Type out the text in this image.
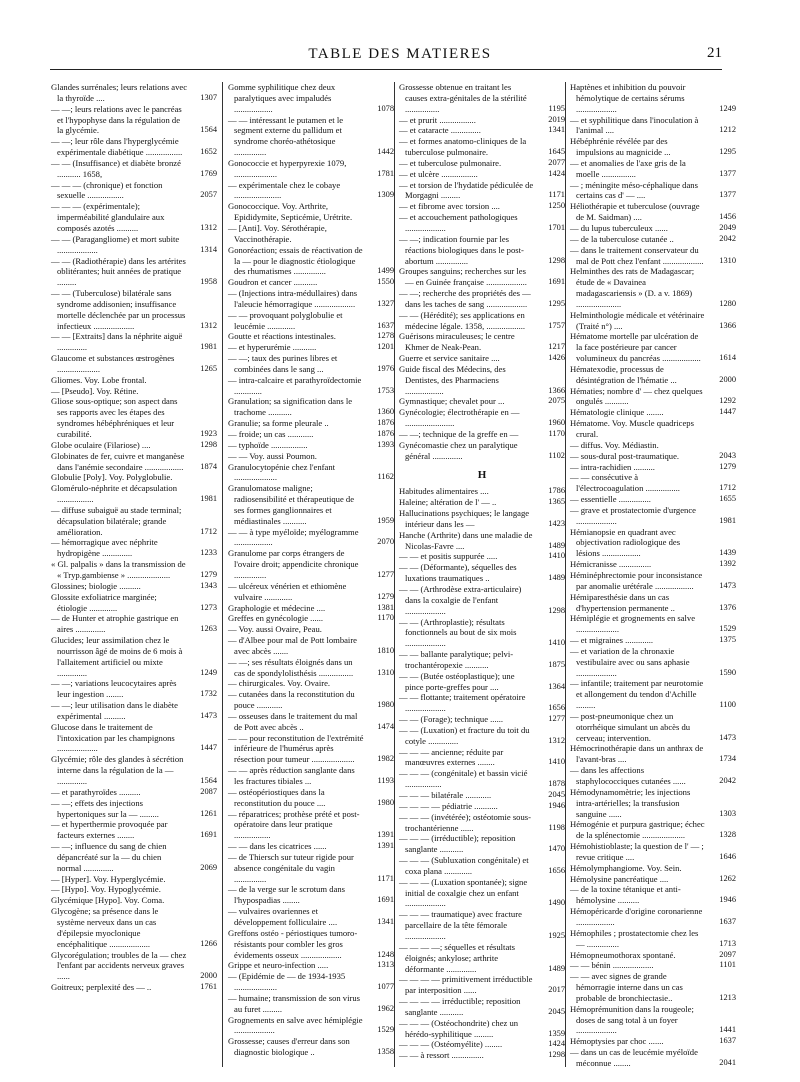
TABLE DES MATIERES	21
Glandes surrénales; leurs relations avec la thyroïde ....	1307
— —; leurs relations avec le pancréas et l'hypophyse dans la régulation de la glycémie.	1564
— —; leur rôle dans l'hyperglycémie expérimentale diabétique ................. 1652
— — (Insuffisance) et diabète bronzé ........... 1658,	1769
— — — (chronique) et fonction sexuelle .................	2057
— — — (expérimentale); imperméabilité glandulaire aux composés azotés ..........	1312
— — (Paragangliome) et mort subite ...................	1314
— — (Radiothérapie) dans les artérites oblitérantes; huit années de pratique .........	1958
— — (Tuberculose) bilatérale sans syndrome addisonien; insuffisance mortelle déclenchée par un processus infectieux ...................	1312
— — [Extraits] dans la néphrite aiguë ..............	1981
Glaucome et substances œstrogènes ....................	1265
Gliomes. Voy. Lobe frontal.
— [Pseudo]. Voy. Rétine.
Gliose sous-optique; son aspect dans ses rapports avec les étapes des syndromes hébéphréniques et leur curabilité.	1923
Globe oculaire (Filariose) ....	1298
Globinates de fer, cuivre et manganèse dans l'anémie secondaire .................. 1874
Globulie [Poly]. Voy. Polyglobulie.
Glomérulo-néphrite et décapsulation .................	1981
— diffuse subaiguë au stade terminal; décapsulation bilatérale; grande amélioration.	1712
— hémorragique avec néphrite hydropigène ..............	1233
« Gl. palpalis » dans la transmission de « Tryp.gambiense » ....................	1279
Glossines; biologie ..........	1343
Glossite exfoliatrice marginée; étiologie .............	1273
— de Hunter et atrophie gastrique en aires ..............	1263
Glucides; leur assimilation chez le nourrisson âgé de moins de 6 mois à l'allaitement artificiel ou mixte ..............	1249
— —; variations leucocytaires après leur ingestion ........	1732
— —; leur utilisation dans le diabète expérimental ..........	1473
Glucose dans le traitement de l'intoxication par les champignons ...................	1447
Glycémie; rôle des glandes à sécrétion interne dans la régulation de la — ..............	1564
— et parathyroïdes ..........	2087
— —; effets des injections hypertoniques sur la — .........	1261
— et hyperthermie provoquée par facteurs externes ........	1691
— —; influence du sang de chien dépancréaté sur la — du chien normal ..............	2069
— [Hyper]. Voy. Hyperglycémie.
— [Hypo]. Voy. Hypoglycémie.
Glycémique [Hypo]. Voy. Coma.
Glycogène; sa présence dans le système nerveux dans un cas d'épilepsie myoclonique encéphalitique ...................	1266
Glycorégulation; troubles de la — chez l'enfant par accidents nerveux graves ......	2000
Goitreux; perplexité des — ..	1761
Gomme syphilitique chez deux paralytiques avec impaludés ..................	1078
— — intéressant le putamen et le segment externe du pallidum et syndrome choréo-athétosique ...............	1442
Gonococcie et hyperpyrexie 1079, ....................	1781
— expérimentale chez le cobaye ......................	1309
Gonococcique. Voy. Arthrite, Epididymite, Septicémie, Urétrite.
— [Anti]. Voy. Sérothérapie, Vaccinothérapie.
Gonoréaction; essais de réactivation de la — pour le diagnostic étiologique des rhumatismes ...............	1499
Goudron et cancer ...........	1550
— (Injections intra-médullaires) dans l'aleucie hémorragique ...................	1327
— — provoquant polyglobulie et leucémie .............	1637
Goutte et réactions intestinales.	1278
— et hyperurémie ...........	1201
— —; taux des purines libres et combinées dans le sang ...	1976
— intra-calcaire et parathyroïdectomie .............	1753
Granulation; sa signification dans le trachome ...........	1360
Granulie; sa forme pleurale ..	1876
— froide; un cas ............	1876
— typhoïde .................	1393
— — Voy. aussi Poumon.
Granulocytopénie chez l'enfant ....................	1162
Granulomatose maligne; radiosensibilité et thérapeutique de ses formes ganglionnaires et médiastinales ...........	1959
— — à type myéloïde; myélogramme ..................	2070
Granulome par corps étrangers de l'ovaire droit; appendicite chronique ...............	1277
— ulcéreux vénérien et ethiomène vulvaire .............	1279
Graphologie et médecine ....	1381
Greffes en gynécologie ......	1170
— Voy. aussi Ovaire, Peau.
— d'Albee pour mal de Pott lombaire avec abcès .......	1810
— —; ses résultats éloignés dans un cas de spondylolisthésis ................	1310
— chirurgicales. Voy. Ovaire.
— cutanées dans la reconstitution du pouce ............	1980
— osseuses dans le traitement du mal de Pott avec abcès ..	1474
— — pour reconstitution de l'extrémité inférieure de l'humérus après résection pour tumeur ....................	1982
— — après réduction sanglante dans les fractures tibiales ...	1193
— ostéopériostiques dans la reconstitution du pouce ....	1980
— réparatrices; prothèse prété et post-opératoire dans leur pratique .................	1391
— — dans les cicatrices ......	1391
— de Thiersch sur tuteur rigide pour absence congénitale du vagin ...............	1171
— de la verge sur le scrotum dans l'hypospadias ........	1691
— vulvaires ovariennes et développement folliculaire ....	1341
Greffons ostéo - périostiques tumoro-résistants pour combler les gros évidements osseux ...................	1248
Grippe et neuro-infection .....	1313
— (Epidémie de — de 1934-1935 ....................	1077
— humaine; transmission de son virus au furet .........	1962
Grognements en salve avec hémiplégie ...................	1529
Grossesse; causes d'erreur dans son diagnostic biologique ..	1358
Grossesse obtenue en traitant les causes extra-génitales de la stérilité ................	1195
— et prurit .................	2019
— et cataracte ..............	1341
— et formes anatomo-cliniques de la tuberculose pulmonaire.	1645
— et tuberculose pulmonaire.	2077
— et ulcère .................	1424
— et torsion de l'hydatide pédiculée de Morgagni .........	1171
— et fibrome avec torsion ....	1250
— et accouchement pathologiques ...................	1701
— —; indication fournie par les réactions biologiques dans le post-abortum ...............	1298
Groupes sanguins; recherches sur les — en Guinée française ...................	1691
— —; recherche des propriétés des — dans les taches de sang ...................	1295
— — (Hérédité); ses applications en médecine légale. 1358, ..................	1757
Guérisons miraculeuses; le centre Khmer de Neak-Pean.	1217
Guerre et service sanitaire ....	1426
Guide fiscal des Médecins, des Dentistes, des Pharmaciens ..................	1366
Gymnastique; chevalet pour ...	2075
Gynécologie; électrothérapie en — .......................	1960
— —; technique de la greffe en —	1170
Gynécomastie chez un paralytique général ..............	1102
H
Habitudes alimentaires ....	1786
Haleine; altération de l' — ..	1365
Hallucinations psychiques; le langage intérieur dans les —	1423
Hanche (Arthrite) dans une maladie de Nicolas-Favre ....	1489
— — et positis suppurée .....	1410
— — (Déformante), séquelles des luxations traumatiques ..	1489
— — (Arthrodèse extra-articulaire) dans la coxalgie de l'enfant ...................	1298
— — (Arthroplastie); résultats fonctionnels au bout de six mois ...................	1410
— — ballante paralytique; pelvi-trochantéropexie ...........	1875
— — (Butée ostéoplastique); une pince porte-greffes pour ....	1364
— — flottante; traitement opératoire ...................	1656
— — (Forage); technique ......	1277
— — (Luxation) et fracture du toit du cotyle ..............	1312
— — — ancienne; réduite par manœuvres externes ........	1410
— — — (congénitale) et bassin vicié .................	1878
— — — bilatérale ............	2045
— — — — pédiatrie ...........	1946
— — — (invétérée); ostéotomie sous-trochantérienne ......	1198
— — — (irréductible); reposition sanglante ...........	1470
— — — (Subluxation congénitale) et coxa plana .............	1656
— — — (Luxation spontanée); signe initial de coxalgie chez un enfant ...................	1490
— — — traumatique) avec fracture parcellaire de la tête fémorale ...................	1925
— — — —; séquelles et résultats éloignés; ankylose; arthrite déformante ..............	1489
— — — — primitivement irréductible par interposition ......	2017
— — — — irréductible; reposition sanglante ...........	2045
— — — (Ostéochondrite) chez un hérédo-syphilitique .........	1359
— — — (Ostéomyélite) ........	1424
— — à ressort ...............	1298
Haptènes et inhibition du pouvoir hémolytique de certains sérums ...................	1249
— et syphilitique dans l'inoculation à l'animal ....	1212
Hébéphrénie révélée par des impulsions au magnicide ...	1295
— et anomalies de l'axe gris de la moelle ................	1377
— ; méningite méso-céphalique dans certains cas d' — ....	1377
Héliothérapie et tuberculose (ouvrage de M. Saidman) ....	1456
— du lupus tuberculeux ......	2049
— de la tuberculose cutanée ..	2042
— dans le traitement conservateur du mal de Pott chez l'enfant ................... 1310
Helminthes des rats de Madagascar; étude de « Davainea madagascariensis » (D. a v. 1869) .....................	1280
Helminthologie médicale et vétérinaire (Traité n°) ....	1366
Hématome mortelle par ulcération de la face postérieure par cancer volumineux du pancréas .................. 1614
Hématexodie, processus de désintégration de l'hématie ...	2000
Hématies; nombre d' — chez quelques ongulés ...........	1292
Hématologie clinique ........	1447
Hématome. Voy. Muscle quadriceps crural.
— diffus. Voy. Médiastin.
— sous-dural post-traumatique.	2043
— intra-rachidien ..........	1279
— — consécutive à l'électrocoagulation ................	1712
— essentielle ...............	1655
— grave et prostatectomie d'urgence ...................	1981
Hémianopsie en quadrant avec objectivation radiologique des lésions ..................	1439
Hémicranisse ...............	1392
Héminéphrectomie pour inconsistance par anomalie urétérale ..................	1473
Hémiparesthésie dans un cas d'hypertension permanente ..	1376
Hémiplégie et grognements en salve ....................	1529
— et migraines .............	1375
— et variation de la chronaxie vestibulaire avec ou sans aphasie ...................	1590
— infantile; traitement par neurotomie et allongement du tendon d'Achille .........	1100
— post-pneumonique chez un otorrhéique simulant un abcès du cerveau; intervention.	1473
Hémocrinothérapie dans un anthrax de l'avant-bras ....	1734
— dans les affections staphylococciques cutanées ......	2042
Hémodynamomètrie; les injections intra-artérielles; la transfusion sanguine ......	1303
Hémogénie et purpura gastrique; échec de la splénectomie ....................	1328
Hémohistioblaste; la question de l' — ; revue critique ....	1646
Hémolymphangiome. Voy. Sein.
Hémolysine pancréatique ....	1262
— de la toxine tétanique et anti-hémolysine ..........	1946
Hémopéricarde d'origine coronarienne ..................	1637
Hémophiles ; prostatectomie chez les — ...............	1713
Hémopneumothorax spontané.	2097
— — bénin ...................	1101
— — avec signes de grande hémorragie interne dans un cas probable de bronchiectasie..	1213
Hémoprémunition dans la rougeole; doses de sang total à un foyer ...................	1441
Hémoptysies par choc .......	1637
— dans un cas de leucémie myéloïde méconnue ........	2041
